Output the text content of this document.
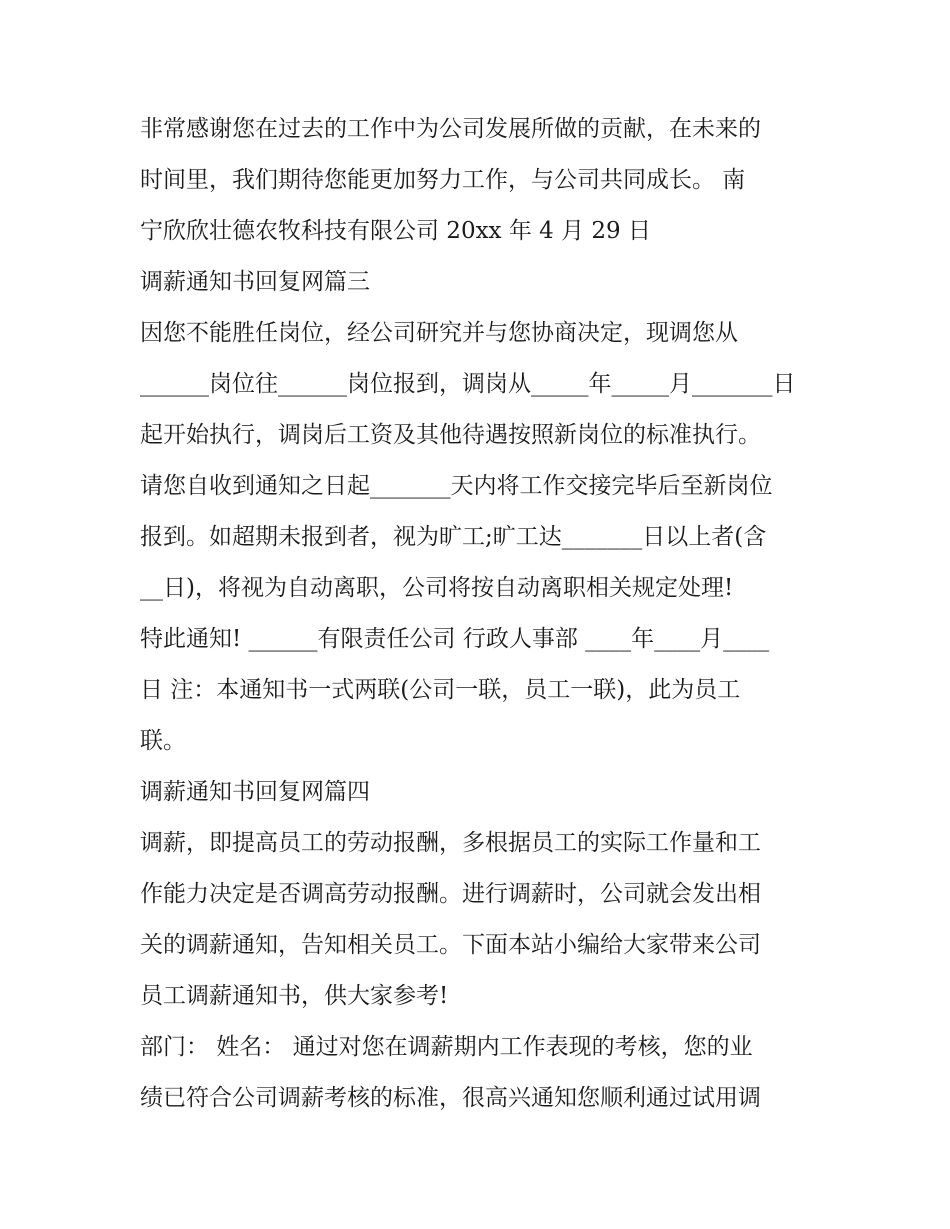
非常感谢您在过去的工作中为公司发展所做的贡献，在未来的
时间里，我们期待您能更加努力工作，与公司共同成长。 南
宁欣欣壮德农牧科技有限公司 20xx 年 4 月 29 日
调薪通知书回复网篇三
因您不能胜任岗位，经公司研究并与您协商决定，现调您从
______岗位往______岗位报到，调岗从_____年_____月_______日
起开始执行，调岗后工资及其他待遇按照新岗位的标准执行。
请您自收到通知之日起_______天内将工作交接完毕后至新岗位
报到。如超期未报到者，视为旷工;旷工达_______日以上者(含
__日)，将视为自动离职，公司将按自动离职相关规定处理!
特此通知! ______有限责任公司 行政人事部 ____年____月____
日 注：本通知书一式两联(公司一联，员工一联)，此为员工
联。
调薪通知书回复网篇四
调薪，即提高员工的劳动报酬，多根据员工的实际工作量和工
作能力决定是否调高劳动报酬。进行调薪时，公司就会发出相
关的调薪通知，告知相关员工。下面本站小编给大家带来公司
员工调薪通知书，供大家参考!
部门： 姓名： 通过对您在调薪期内工作表现的考核，您的业
绩已符合公司调薪考核的标准，很高兴通知您顺利通过试用调
